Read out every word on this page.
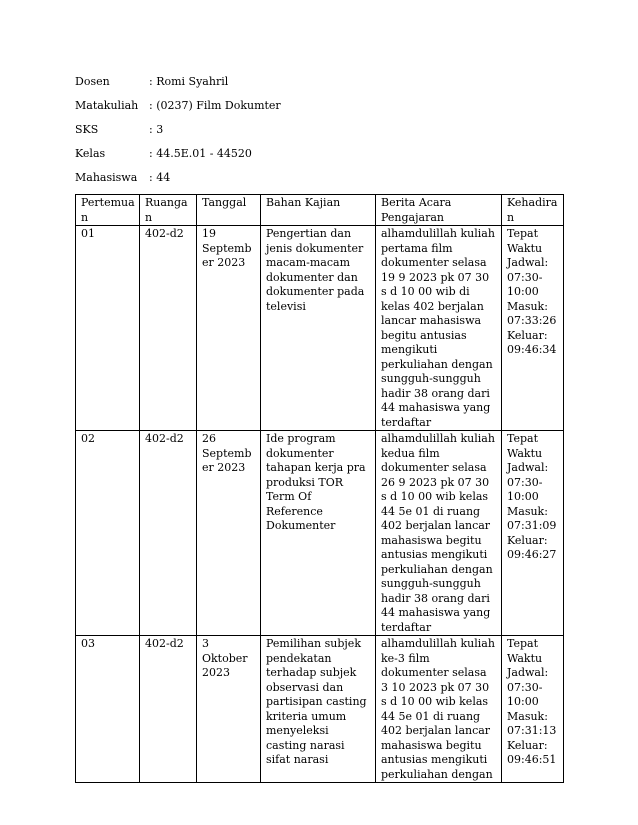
Dosen	: Romi Syahril
Matakuliah : (0237) Film Dokumter
SKS	: 3
Kelas	: 44.5E.01 - 44520
Mahasiswa : 44
Pertemuan	Ruangan	Tanggal	Bahan Kajian	Berita Acara Pengajaran	Kehadiran
01	402-d2	19 September 2023	Pengertian dan jenis dokumenter macam-macam dokumenter dan dokumenter pada televisi	alhamdulillah kuliah pertama film dokumenter selasa 19 9 2023 pk 07 30 s d 10 00 wib di kelas 402 berjalan lancar mahasiswa begitu antusias mengikuti perkuliahan dengan sungguh-sungguh hadir 38 orang dari 44 mahasiswa yang terdaftar	Tepat Waktu Jadwal: 07:30-10:00 Masuk: 07:33:26 Keluar: 09:46:34
02	402-d2	26 September 2023	Ide program dokumenter tahapan kerja pra produksi TOR Term Of Reference Dokumenter	alhamdulillah kuliah kedua film dokumenter selasa 26 9 2023 pk 07 30 s d 10 00 wib kelas 44 5e 01 di ruang 402 berjalan lancar mahasiswa begitu antusias mengikuti perkuliahan dengan sungguh-sungguh hadir 38 orang dari 44 mahasiswa yang terdaftar	Tepat Waktu Jadwal: 07:30-10:00 Masuk: 07:31:09 Keluar: 09:46:27
03	402-d2	3 Oktober 2023	Pemilihan subjek pendekatan terhadap subjek observasi dan partisipan casting kriteria umum menyeleksi casting narasi sifat narasi	alhamdulillah kuliah ke-3 film dokumenter selasa 3 10 2023 pk 07 30 s d 10 00 wib kelas 44 5e 01 di ruang 402 berjalan lancar mahasiswa begitu antusias mengikuti perkuliahan dengan	Tepat Waktu Jadwal: 07:30-10:00 Masuk: 07:31:13 Keluar: 09:46:51
